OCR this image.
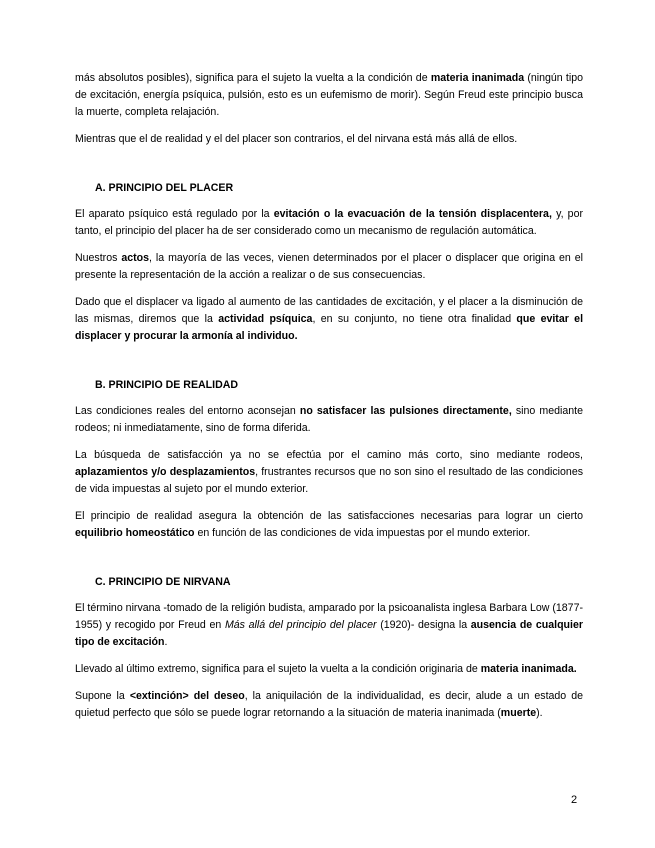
más absolutos posibles), significa para el sujeto la vuelta a la condición de materia inanimada (ningún tipo de excitación, energía psíquica, pulsión, esto es un eufemismo de morir). Según Freud este principio busca la muerte, completa relajación.

Mientras que el de realidad y el del placer son contrarios, el del nirvana está más allá de ellos.

A. PRINCIPIO DEL PLACER

El aparato psíquico está regulado por la evitación o la evacuación de la tensión displacentera, y, por tanto, el principio del placer ha de ser considerado como un mecanismo de regulación automática.

Nuestros actos, la mayoría de las veces, vienen determinados por el placer o displacer que origina en el presente la representación de la acción a realizar o de sus consecuencias.

Dado que el displacer va ligado al aumento de las cantidades de excitación, y el placer a la disminución de las mismas, diremos que la actividad psíquica, en su conjunto, no tiene otra finalidad que evitar el displacer y procurar la armonía al individuo.

B. PRINCIPIO DE REALIDAD

Las condiciones reales del entorno aconsejan no satisfacer las pulsiones directamente, sino mediante rodeos; ni inmediatamente, sino de forma diferida.

La búsqueda de satisfacción ya no se efectúa por el camino más corto, sino mediante rodeos, aplazamientos y/o desplazamientos, frustrantes recursos que no son sino el resultado de las condiciones de vida impuestas al sujeto por el mundo exterior.

El principio de realidad asegura la obtención de las satisfacciones necesarias para lograr un cierto equilibrio homeostático en función de las condiciones de vida impuestas por el mundo exterior.

C. PRINCIPIO DE NIRVANA

El término nirvana -tomado de la religión budista, amparado por la psicoanalista inglesa Barbara Low (1877-1955) y recogido por Freud en Más allá del principio del placer (1920)- designa la ausencia de cualquier tipo de excitación.

Llevado al último extremo, significa para el sujeto la vuelta a la condición originaria de materia inanimada.

Supone la <extinción> del deseo, la aniquilación de la individualidad, es decir, alude a un estado de quietud perfecto que sólo se puede lograr retornando a la situación de materia inanimada (muerte).

2
